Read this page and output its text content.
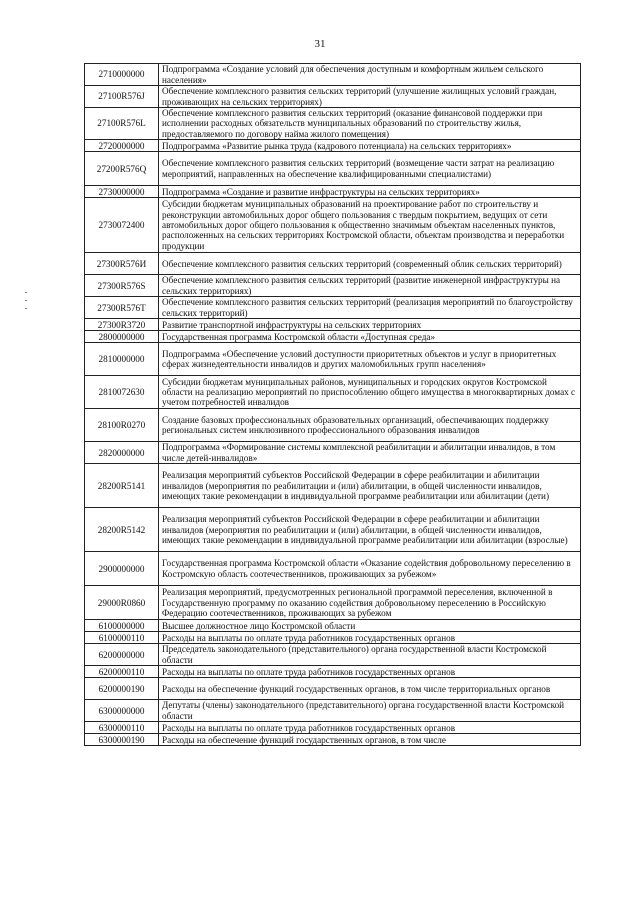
31
2710000000	Подпрограмма «Создание условий для обеспечения доступным и комфортным жильем сельского населения»
27100R576J	Обеспечение комплексного развития сельских территорий (улучшение жилищных условий граждан, проживающих на сельских территориях)
27100R576L	Обеспечение комплексного развития сельских территорий (оказание финансовой поддержки при исполнении расходных обязательств муниципальных образований по строительству жилья, предоставляемого по договору найма жилого помещения)
2720000000	Подпрограмма «Развитие рынка труда (кадрового потенциала) на сельских территориях»
27200R576Q	Обеспечение комплексного развития сельских территорий (возмещение части затрат на реализацию мероприятий, направленных на обеспечение квалифицированными специалистами)
2730000000	Подпрограмма «Создание и развитие инфраструктуры на сельских территориях»
2730072400	Субсидии бюджетам муниципальных образований на проектирование работ по строительству и реконструкции автомобильных дорог общего пользования с твердым покрытием, ведущих от сети автомобильных дорог общего пользования к общественно значимым объектам населенных пунктов, расположенных на сельских территориях Костромской области, объектам производства и переработки продукции
27300R576И	Обеспечение комплексного развития сельских территорий (современный облик сельских территорий)
27300R576S	Обеспечение комплексного развития сельских территорий (развитие инженерной инфраструктуры на сельских территориях)
27300R576T	Обеспечение комплексного развития сельских территорий (реализация мероприятий по благоустройству сельских территорий)
27300R3720	Развитие транспортной инфраструктуры на сельских территориях
2800000000	Государственная программа Костромской области «Доступная среда»
2810000000	Подпрограмма «Обеспечение условий доступности приоритетных объектов и услуг в приоритетных сферах жизнедеятельности инвалидов и других маломобильных групп населения»
2810072630	Субсидии бюджетам муниципальных районов, муниципальных и городских округов Костромской области на реализацию мероприятий по приспособлению общего имущества в многоквартирных домах с учетом потребностей инвалидов
28100R0270	Создание базовых профессиональных образовательных организаций, обеспечивающих поддержку региональных систем инклюзивного профессионального образования инвалидов
2820000000	Подпрограмма «Формирование системы комплексной реабилитации и абилитации инвалидов, в том числе детей-инвалидов»
28200R5141	Реализация мероприятий субъектов Российской Федерации в сфере реабилитации и абилитации инвалидов (мероприятия по реабилитации и (или) абилитации, в общей численности инвалидов, имеющих такие рекомендации в индивидуальной программе реабилитации или абилитации (дети)
28200R5142	Реализация мероприятий субъектов Российской Федерации в сфере реабилитации и абилитации инвалидов (мероприятия по реабилитации и (или) абилитации, в общей численности инвалидов, имеющих такие рекомендации в индивидуальной программе реабилитации или абилитации (взрослые)
2900000000	Государственная программа Костромской области «Оказание содействия добровольному переселению в Костромскую область соотечественников, проживающих за рубежом»
29000R0860	Реализация мероприятий, предусмотренных региональной программой переселения, включенной в Государственную программу по оказанию содействия добровольному переселению в Российскую Федерацию соотечественников, проживающих за рубежом
6100000000	Высшее должностное лицо Костромской области
6100000110	Расходы на выплаты по оплате труда работников государственных органов
6200000000	Председатель законодательного (представительного) органа государственной власти Костромской области
6200000110	Расходы на выплаты по оплате труда работников государственных органов
6200000190	Расходы на обеспечение функций государственных органов, в том числе территориальных органов
6300000000	Депутаты (члены) законодательного (представительного) органа государственной власти Костромской области
6300000110	Расходы на выплаты по оплате труда работников государственных органов
6300000190	Расходы на обеспечение функций государственных органов, в том числе
